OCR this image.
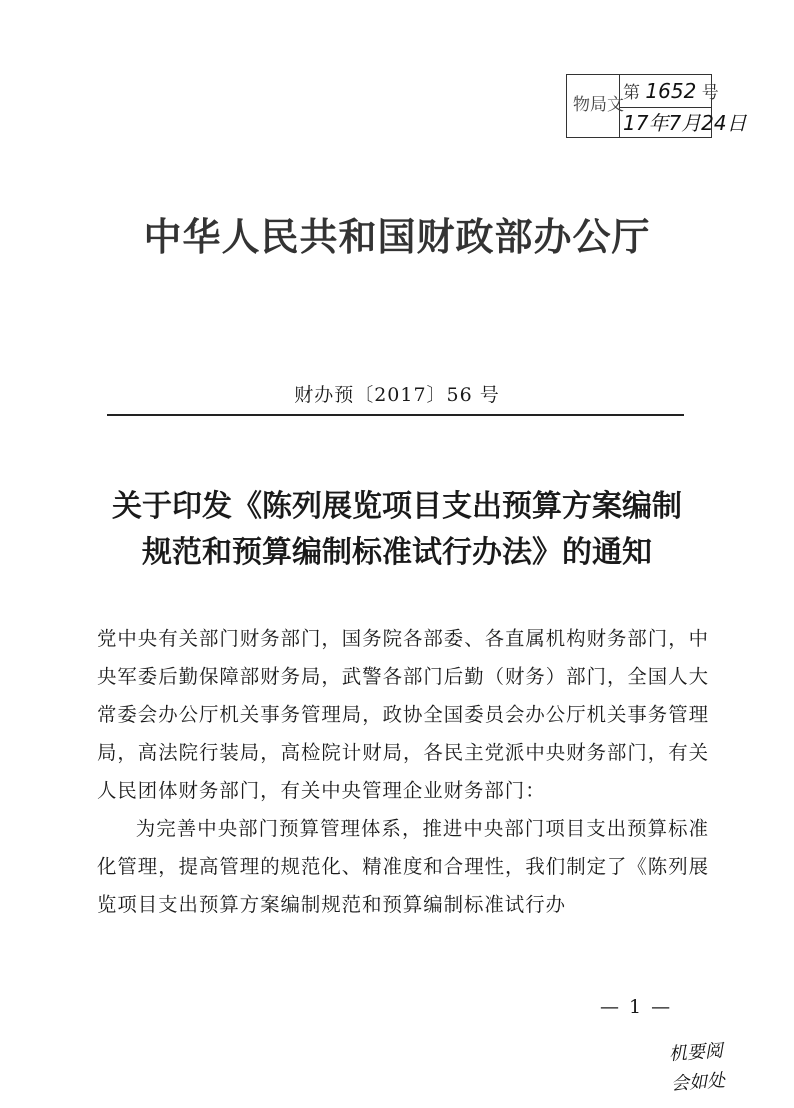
物局文
第 1652 号
17年7月24日
中华人民共和国财政部办公厅
财办预〔2017〕56 号
关于印发《陈列展览项目支出预算方案编制
规范和预算编制标准试行办法》的通知

党中央有关部门财务部门，国务院各部委、各直属机构财务部门，中央军委后勤保障部财务局，武警各部门后勤（财务）部门，全国人大常委会办公厅机关事务管理局，政协全国委员会办公厅机关事务管理局，高法院行装局，高检院计财局，各民主党派中央财务部门，有关人民团体财务部门，有关中央管理企业财务部门：

为完善中央部门预算管理体系，推进中央部门项目支出预算标准化管理，提高管理的规范化、精准度和合理性，我们制定了《陈列展览项目支出预算方案编制规范和预算编制标准试行办

— 1 —
机要阅
会如处
